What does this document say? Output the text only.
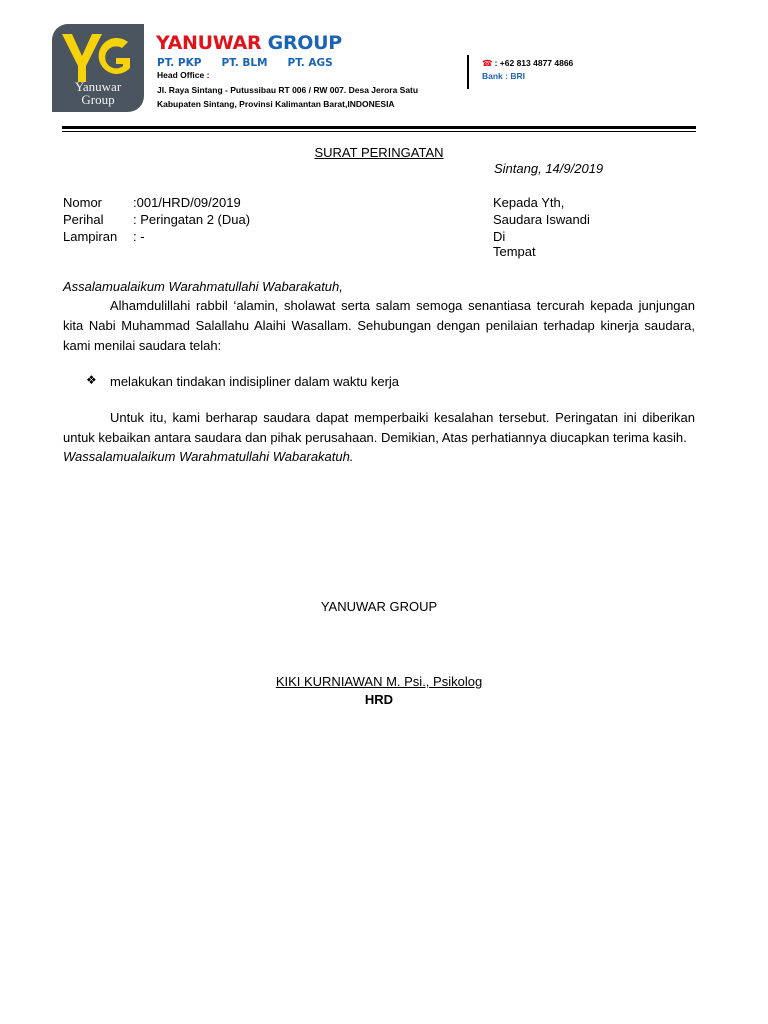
Yanuwar
Group
YANUWAR GROUP
PT. PKP PT. BLM PT. AGS
Head Office :
Jl. Raya Sintang - Putussibau RT 006 / RW 007. Desa Jerora Satu
Kabupaten Sintang, Provinsi Kalimantan Barat,INDONESIA
☎ : +62 813 4877 4866
Bank : BRI
SURAT PERINGATAN
Sintang, 14/9/2019
Nomor :001/HRD/09/2019
Perihal : Peringatan 2 (Dua)
Lampiran : -
Kepada Yth,
Saudara Iswandi
Di
Tempat
Assalamualaikum Warahmatullahi Wabarakatuh,
Alhamdulillahi rabbil ‘alamin, sholawat serta salam semoga senantiasa tercurah kepada junjungan kita Nabi Muhammad Salallahu Alaihi Wasallam. Sehubungan dengan penilaian terhadap kinerja saudara, kami menilai saudara telah:
❖ melakukan tindakan indisipliner dalam waktu kerja
Untuk itu, kami berharap saudara dapat memperbaiki kesalahan tersebut. Peringatan ini diberikan untuk kebaikan antara saudara dan pihak perusahaan. Demikian, Atas perhatiannya diucapkan terima kasih.
Wassalamualaikum Warahmatullahi Wabarakatuh.
YANUWAR GROUP
KIKI KURNIAWAN M. Psi., Psikolog
HRD
